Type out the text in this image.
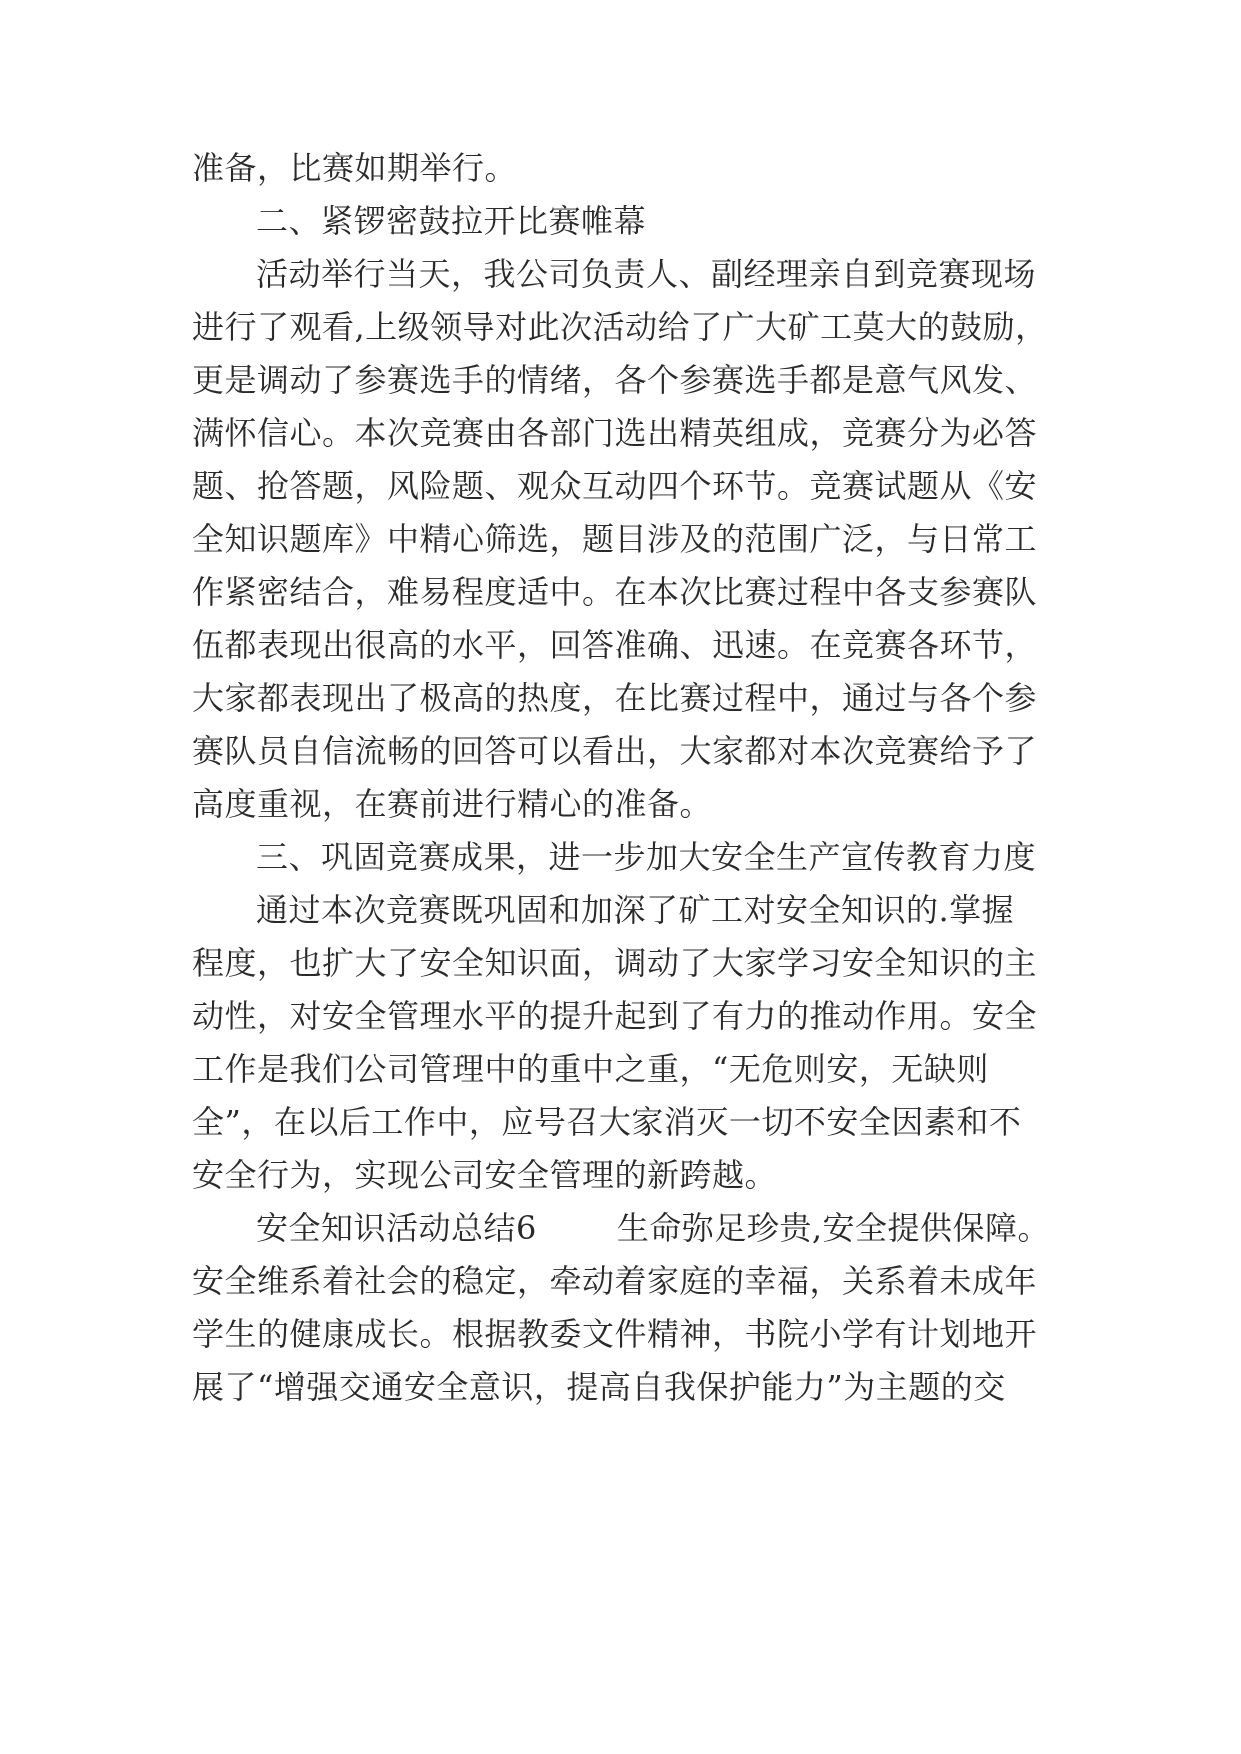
准备，比赛如期举行。
二、紧锣密鼓拉开比赛帷幕
活动举行当天，我公司负责人、副经理亲自到竞赛现场
进行了观看,上级领导对此次活动给了广大矿工莫大的鼓励，
更是调动了参赛选手的情绪，各个参赛选手都是意气风发、
满怀信心。本次竞赛由各部门选出精英组成，竞赛分为必答
题、抢答题，风险题、观众互动四个环节。竞赛试题从《安
全知识题库》中精心筛选，题目涉及的范围广泛，与日常工
作紧密结合，难易程度适中。在本次比赛过程中各支参赛队
伍都表现出很高的水平，回答准确、迅速。在竞赛各环节，
大家都表现出了极高的热度，在比赛过程中，通过与各个参
赛队员自信流畅的回答可以看出，大家都对本次竞赛给予了
高度重视，在赛前进行精心的准备。
三、巩固竞赛成果，进一步加大安全生产宣传教育力度
通过本次竞赛既巩固和加深了矿工对安全知识的.掌握
程度，也扩大了安全知识面，调动了大家学习安全知识的主
动性，对安全管理水平的提升起到了有力的推动作用。安全
工作是我们公司管理中的重中之重，“无危则安，无缺则
全”，在以后工作中，应号召大家消灭一切不安全因素和不
安全行为，实现公司安全管理的新跨越。
安全知识活动总结6	生命弥足珍贵,安全提供保障。
安全维系着社会的稳定，牵动着家庭的幸福，关系着未成年
学生的健康成长。根据教委文件精神，书院小学有计划地开
展了“增强交通安全意识，提高自我保护能力”为主题的交
